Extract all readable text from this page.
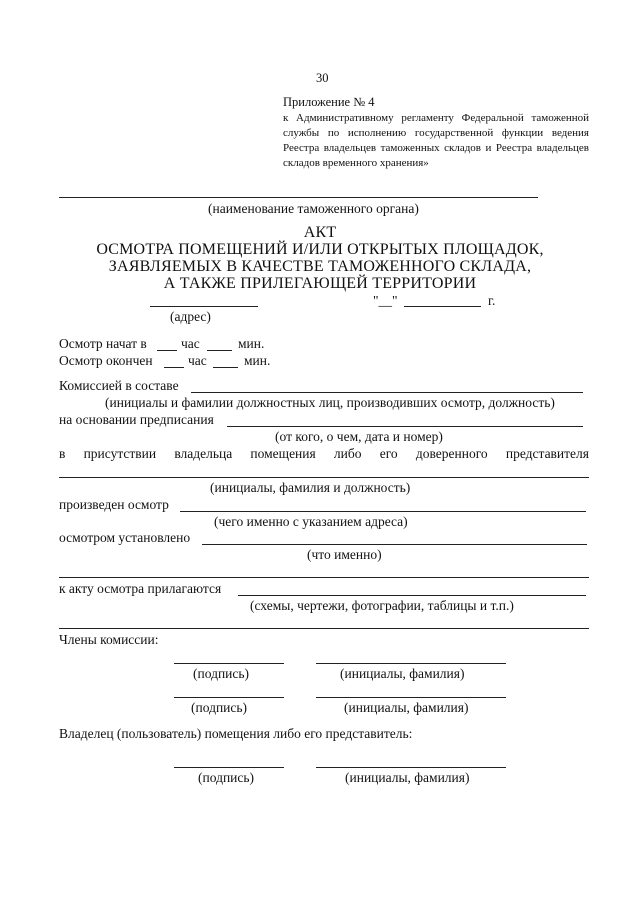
30
Приложение № 4
к Административному регламенту Федеральной таможенной службы по исполнению государственной функции ведения Реестра владельцев таможенных складов и Реестра владельцев складов временного хранения»
(наименование таможенного органа)
АКТ
ОСМОТРА ПОМЕЩЕНИЙ И/ИЛИ ОТКРЫТЫХ ПЛОЩАДОК,
ЗАЯВЛЯЕМЫХ В КАЧЕСТВЕ ТАМОЖЕННОГО СКЛАДА,
А ТАКЖЕ ПРИЛЕГАЮЩЕЙ ТЕРРИТОРИИ
(адрес)
"__"	г.
Осмотр начат в	час	мин.
Осмотр окончен	час	мин.
Комиссией в составе
(инициалы и фамилии должностных лиц, производивших осмотр, должность)
на основании предписания
(от кого, о чем, дата и номер)
в присутствии владельца помещения либо его доверенного представителя
(инициалы, фамилия и должность)
произведен осмотр
(чего именно с указанием адреса)
осмотром установлено
(что именно)
к акту осмотра прилагаются
(схемы, чертежи, фотографии, таблицы и т.п.)
Члены комиссии:
(подпись)	(инициалы, фамилия)
(подпись)	(инициалы, фамилия)
Владелец (пользователь) помещения либо его представитель:
(подпись)	(инициалы, фамилия)
